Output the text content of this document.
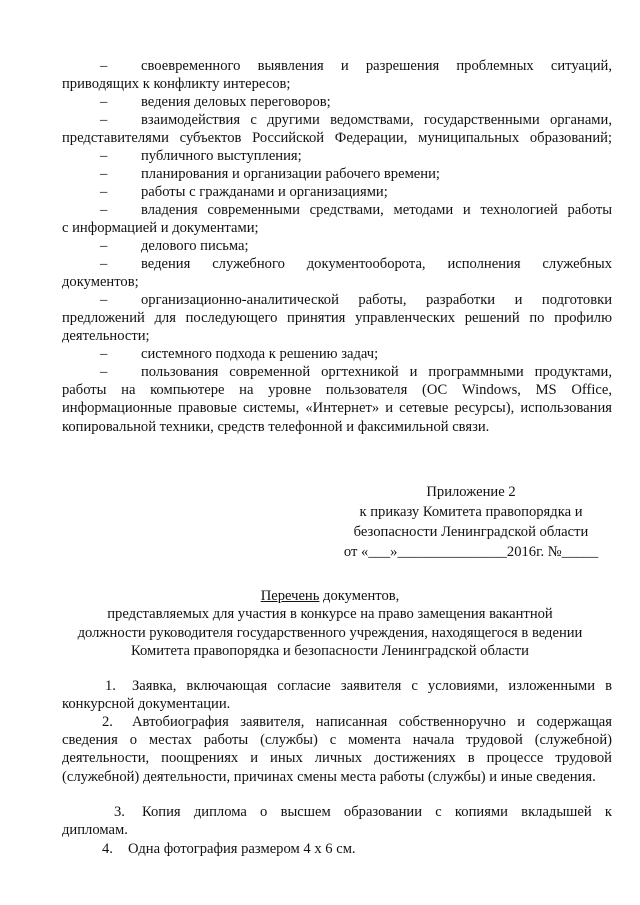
– своевременного выявления и разрешения проблемных ситуаций,
приводящих к конфликту интересов;
– ведения деловых переговоров;
– взаимодействия с другими ведомствами, государственными органами,
представителями субъектов Российской Федерации, муниципальных образований;
– публичного выступления;
– планирования и организации рабочего времени;
– работы с гражданами и организациями;
– владения современными средствами, методами и технологией работы
с информацией и документами;
– делового письма;
– ведения служебного документооборота, исполнения служебных
документов;
– организационно-аналитической работы, разработки и подготовки
предложений для последующего принятия управленческих решений по профилю деятельности;
– системного подхода к решению задач;
– пользования современной оргтехникой и программными продуктами,
работы на компьютере на уровне пользователя (ОС Windows, MS Office, информационные правовые системы, «Интернет» и сетевые ресурсы), использования копировальной техники, средств телефонной и факсимильной связи.
Приложение 2
к приказу Комитета правопорядка и
безопасности Ленинградской области
от «___»_______________2016г. №_____
Перечень документов,
представляемых для участия в конкурсе на право замещения вакантной
должности руководителя государственного учреждения, находящегося в ведении
Комитета правопорядка и безопасности Ленинградской области
1. Заявка, включающая согласие заявителя с условиями, изложенными в
конкурсной документации.
2. Автобиография заявителя, написанная собственноручно и содержащая
сведения о местах работы (службы) с момента начала трудовой (служебной) деятельности, поощрениях и иных личных достижениях в процессе трудовой (служебной) деятельности, причинах смены места работы (службы) и иные сведения.
3. Копия диплома о высшем образовании с копиями вкладышей к
дипломам.
4. Одна фотография размером 4 х 6 см.
